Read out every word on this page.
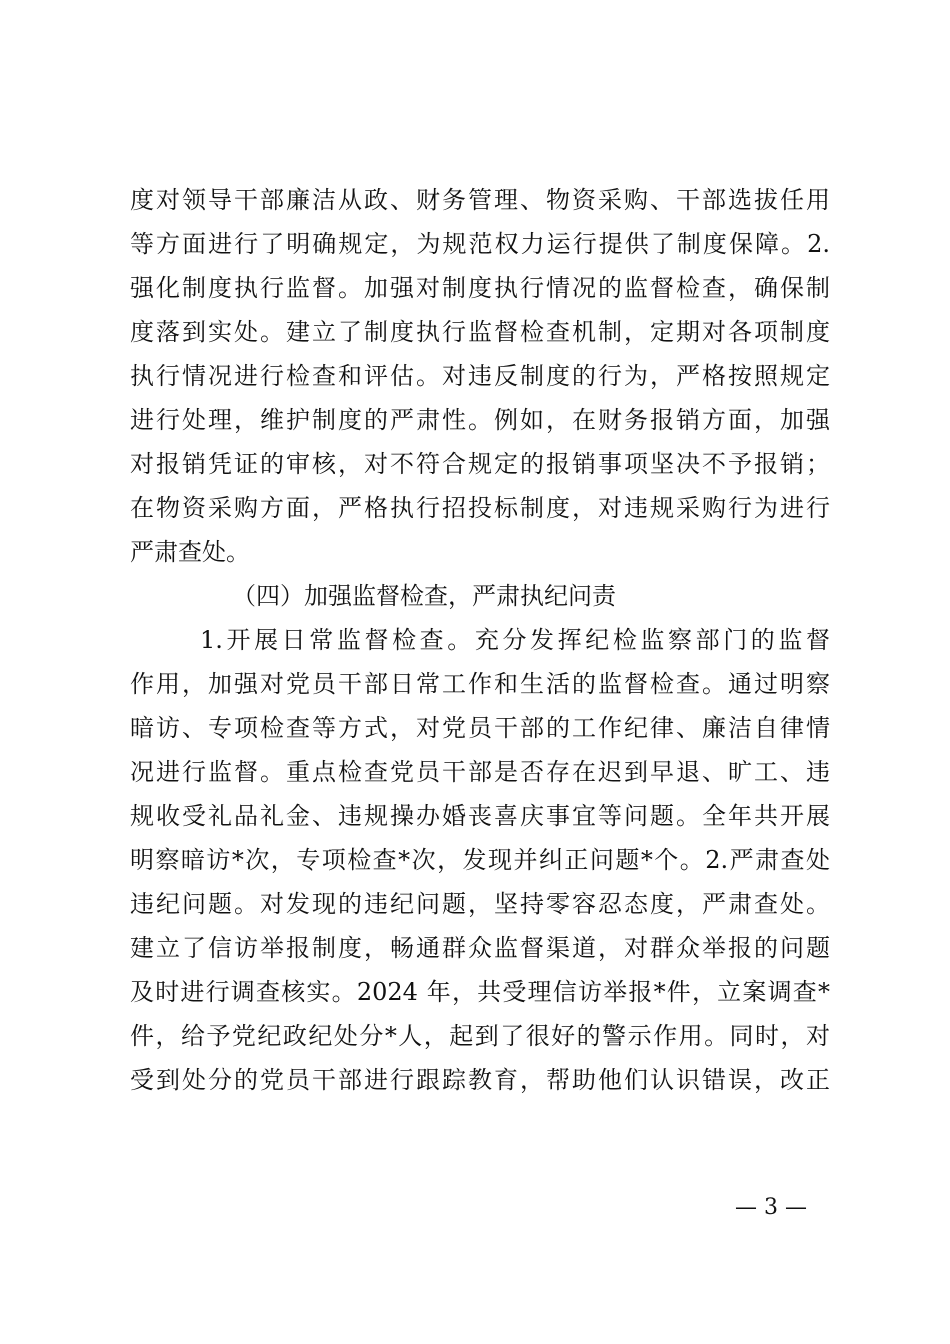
度对领导干部廉洁从政、财务管理、物资采购、干部选拔任用
等方面进行了明确规定，为规范权力运行提供了制度保障。2.
强化制度执行监督。加强对制度执行情况的监督检查，确保制
度落到实处。建立了制度执行监督检查机制，定期对各项制度
执行情况进行检查和评估。对违反制度的行为，严格按照规定
进行处理，维护制度的严肃性。例如，在财务报销方面，加强
对报销凭证的审核，对不符合规定的报销事项坚决不予报销；
在物资采购方面，严格执行招投标制度，对违规采购行为进行
严肃查处。
（四）加强监督检查，严肃执纪问责
1.开展日常监督检查。充分发挥纪检监察部门的监督
作用，加强对党员干部日常工作和生活的监督检查。通过明察
暗访、专项检查等方式，对党员干部的工作纪律、廉洁自律情
况进行监督。重点检查党员干部是否存在迟到早退、旷工、违
规收受礼品礼金、违规操办婚丧喜庆事宜等问题。全年共开展
明察暗访*次，专项检查*次，发现并纠正问题*个。2.严肃查处
违纪问题。对发现的违纪问题，坚持零容忍态度，严肃查处。
建立了信访举报制度，畅通群众监督渠道，对群众举报的问题
及时进行调查核实。2024 年，共受理信访举报*件，立案调查*
件，给予党纪政纪处分*人，起到了很好的警示作用。同时，对
受到处分的党员干部进行跟踪教育，帮助他们认识错误，改正
— 3 —
